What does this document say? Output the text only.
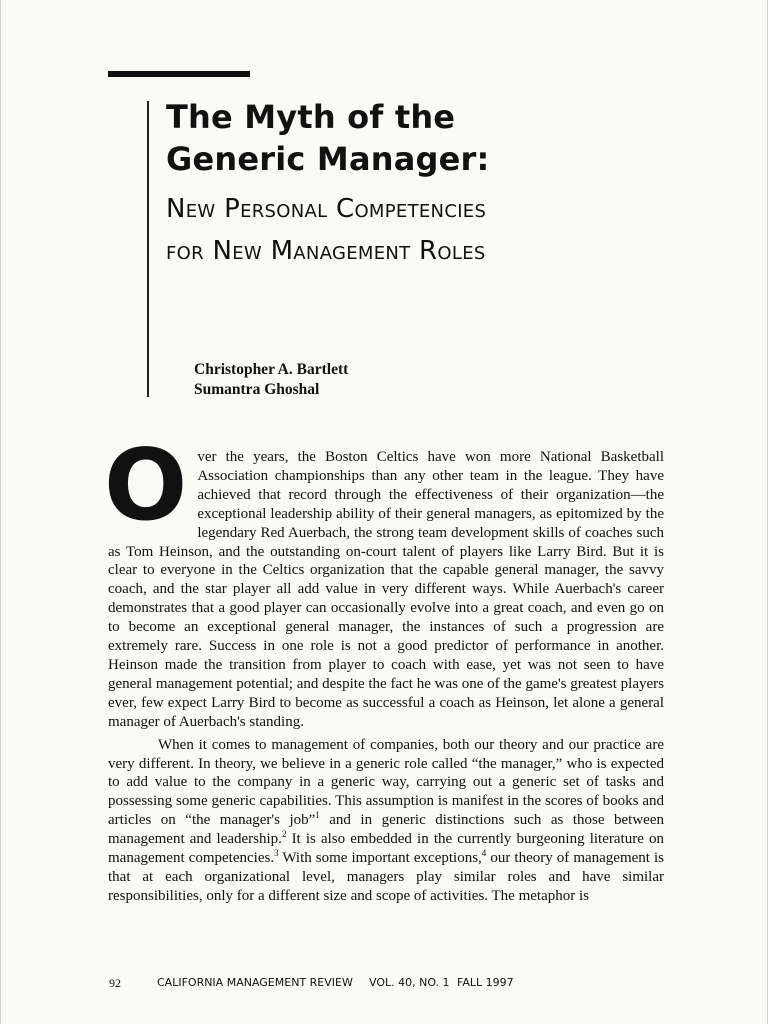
The Myth of the
Generic Manager:
New Personal Competencies
for New Management Roles
Christopher A. Bartlett
Sumantra Ghoshal

Over the years, the Boston Celtics have won more National Basketball Association championships than any other team in the league. They have achieved that record through the effectiveness of their organization—the exceptional leadership ability of their general managers, as epitomized by the legendary Red Auerbach, the strong team development skills of coaches such as Tom Heinson, and the outstanding on-court talent of players like Larry Bird. But it is clear to everyone in the Celtics organization that the capable general manager, the savvy coach, and the star player all add value in very different ways. While Auerbach's career demonstrates that a good player can occasionally evolve into a great coach, and even go on to become an exceptional general manager, the instances of such a progression are extremely rare. Success in one role is not a good predictor of performance in another. Heinson made the transition from player to coach with ease, yet was not seen to have general management potential; and despite the fact he was one of the game's greatest players ever, few expect Larry Bird to become as successful a coach as Heinson, let alone a general manager of Auerbach's standing.

When it comes to management of companies, both our theory and our practice are very different. In theory, we believe in a generic role called “the manager,” who is expected to add value to the company in a generic way, carrying out a generic set of tasks and possessing some generic capabilities. This assumption is manifest in the scores of books and articles on “the manager's job”$^1$ and in generic distinctions such as those between management and leadership.$^2$ It is also embedded in the currently burgeoning literature on management competencies.$^3$ With some important exceptions,$^4$ our theory of management is that at each organizational level, managers play similar roles and have similar responsibilities, only for a different size and scope of activities. The metaphor is

92	CALIFORNIA MANAGEMENT REVIEW VOL. 40, NO. 1 FALL 1997
